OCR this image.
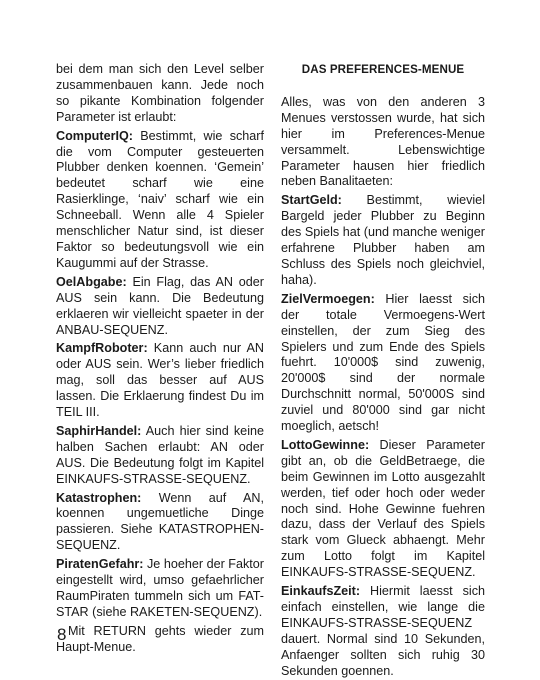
bei dem man sich den Level selber zusammenbauen kann. Jede noch so pikante Kombination folgender Parameter ist erlaubt:

ComputerIQ: Bestimmt, wie scharf die vom Computer gesteuerten Plubber denken koennen. ‘Gemein’ bedeutet scharf wie eine Rasierklinge, ‘naiv’ scharf wie ein Schneeball. Wenn alle 4 Spieler menschlicher Natur sind, ist dieser Faktor so bedeutungsvoll wie ein Kaugummi auf der Strasse.

OelAbgabe: Ein Flag, das AN oder AUS sein kann. Die Bedeutung erklaeren wir vielleicht spaeter in der ANBAU-SEQUENZ.

KampfRoboter: Kann auch nur AN oder AUS sein. Wer’s lieber friedlich mag, soll das besser auf AUS lassen. Die Erklaerung findest Du im TEIL III.

SaphirHandel: Auch hier sind keine halben Sachen erlaubt: AN oder AUS. Die Bedeutung folgt im Kapitel EINKAUFS-STRASSE-SEQUENZ.

Katastrophen: Wenn auf AN, koennen ungemuetliche Dinge passieren. Siehe KATASTROPHEN-SEQUENZ.

PiratenGefahr: Je hoeher der Faktor eingestellt wird, umso gefaehrlicher RaumPiraten tummeln sich um FAT-STAR (siehe RAKETEN-SEQUENZ).

Mit RETURN gehts wieder zum Haupt-Menue.

DAS PREFERENCES-MENUE

Alles, was von den anderen 3 Menues verstossen wurde, hat sich hier im Preferences-Menue versammelt. Lebenswichtige Parameter hausen hier friedlich neben Banalitaeten:

StartGeld: Bestimmt, wieviel Bargeld jeder Plubber zu Beginn des Spiels hat (und manche weniger erfahrene Plubber haben am Schluss des Spiels noch gleichviel, haha).

ZielVermoegen: Hier laesst sich der totale Vermoegens-Wert einstellen, der zum Sieg des Spielers und zum Ende des Spiels fuehrt. 10'000$ sind zuwenig, 20'000$ sind der normale Durchschnitt normal, 50'000S sind zuviel und 80'000 sind gar nicht moeglich, aetsch!

LottoGewinne: Dieser Parameter gibt an, ob die GeldBetraege, die beim Gewinnen im Lotto ausgezahlt werden, tief oder hoch oder weder noch sind. Hohe Gewinne fuehren dazu, dass der Verlauf des Spiels stark vom Glueck abhaengt. Mehr zum Lotto folgt im Kapitel EINKAUFS-STRASSE-SEQUENZ.

EinkaufsZeit: Hiermit laesst sich einfach einstellen, wie lange die EINKAUFS-STRASSE-SEQUENZ dauert. Normal sind 10 Sekunden, Anfaenger sollten sich ruhig 30 Sekunden goennen.

8
